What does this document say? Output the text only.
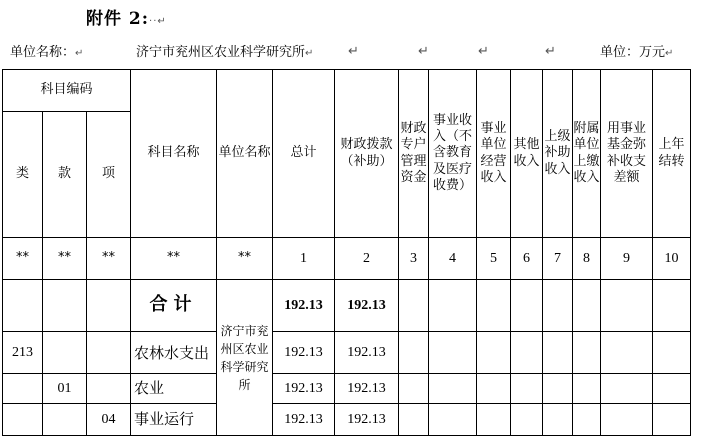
附件 2:··↵
单位名称：↵	济宁市兖州区农业科学研究所↵	↵	↵	↵	↵	单位：万元↵
科目编码			科目名称	单位名称	总计	财政拨款（补助）	财政专户管理资金	事业收入（不含教育及医疗收费）	事业单位经营收入	其他收入	上级补助收入	附属单位上缴收入	用事业基金弥补收支差额	上年结转
类	款	项												
**	**	**	**	**	1	2	3	4	5	6	7	8	9	10
			合计	济宁市兖州区农业科学研究所	192.13	192.13								
213			农林水支出		192.13	192.13								
	01		农业		192.13	192.13								
		04	事业运行		192.13	192.13								
